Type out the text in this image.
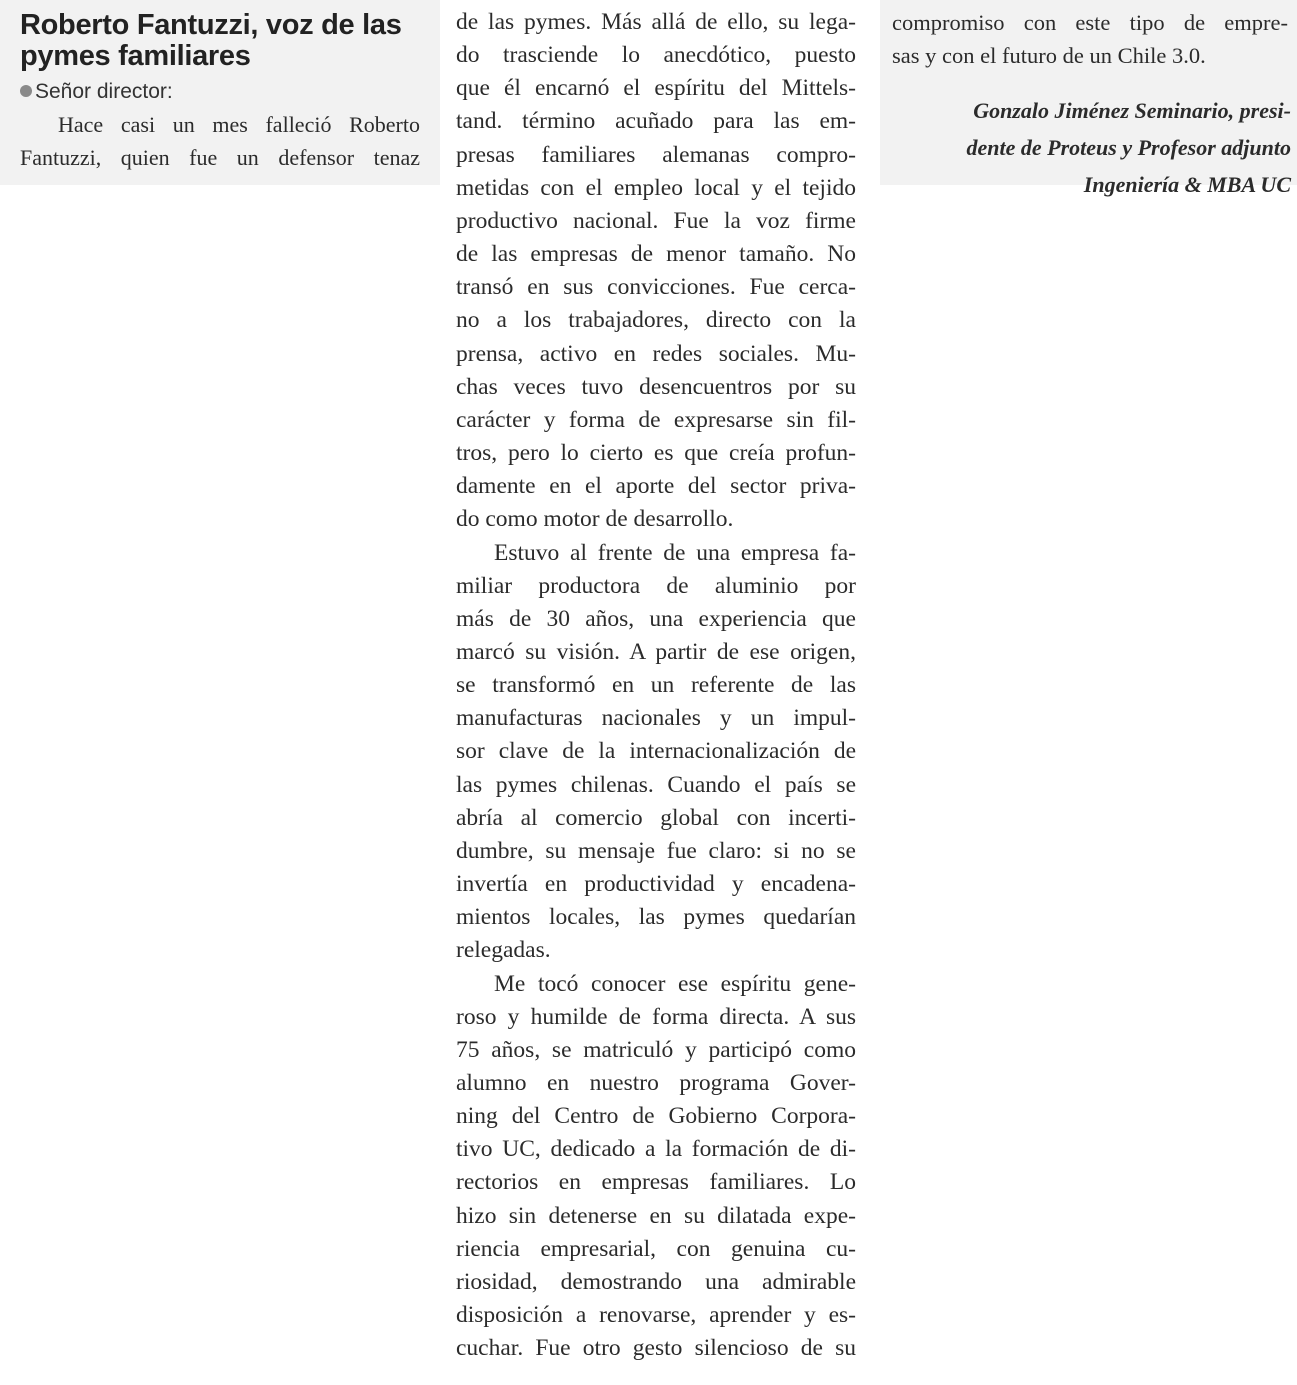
Roberto Fantuzzi, voz de las
pymes familiares
Señor director:
Hace casi un mes falleció Roberto
Fantuzzi, quien fue un defensor tenaz
de las pymes. Más allá de ello, su lega-
do trasciende lo anecdótico, puesto
que él encarnó el espíritu del Mittels-
tand. término acuñado para las em-
presas familiares alemanas compro-
metidas con el empleo local y el tejido
productivo nacional. Fue la voz firme
de las empresas de menor tamaño. No
transó en sus convicciones. Fue cerca-
no a los trabajadores, directo con la
prensa, activo en redes sociales. Mu-
chas veces tuvo desencuentros por su
carácter y forma de expresarse sin fil-
tros, pero lo cierto es que creía profun-
damente en el aporte del sector priva-
do como motor de desarrollo.
Estuvo al frente de una empresa fa-
miliar productora de aluminio por
más de 30 años, una experiencia que
marcó su visión. A partir de ese origen,
se transformó en un referente de las
manufacturas nacionales y un impul-
sor clave de la internacionalización de
las pymes chilenas. Cuando el país se
abría al comercio global con incerti-
dumbre, su mensaje fue claro: si no se
invertía en productividad y encadena-
mientos locales, las pymes quedarían
relegadas.
Me tocó conocer ese espíritu gene-
roso y humilde de forma directa. A sus
75 años, se matriculó y participó como
alumno en nuestro programa Gover-
ning del Centro de Gobierno Corpora-
tivo UC, dedicado a la formación de di-
rectorios en empresas familiares. Lo
hizo sin detenerse en su dilatada expe-
riencia empresarial, con genuina cu-
riosidad, demostrando una admirable
disposición a renovarse, aprender y es-
cuchar. Fue otro gesto silencioso de su
compromiso con este tipo de empre-
sas y con el futuro de un Chile 3.0.
Gonzalo Jiménez Seminario, presi-
dente de Proteus y Profesor adjunto
Ingeniería & MBA UC
